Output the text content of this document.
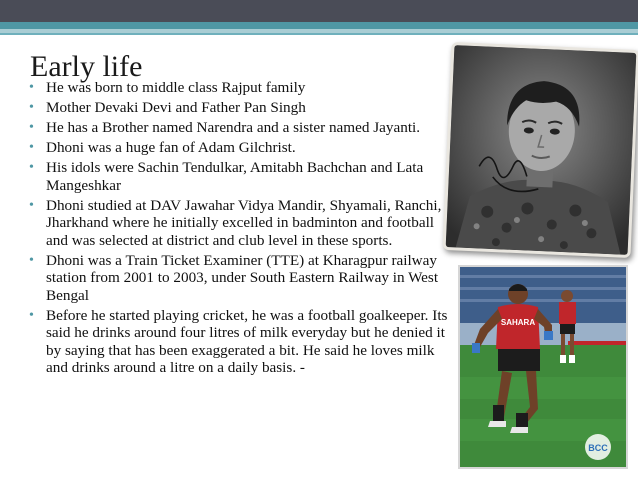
Early life
• He was born to middle class Rajput family
• Mother Devaki Devi and Father Pan Singh
• He has a Brother named Narendra and a sister named Jayanti.
• Dhoni was a huge fan of Adam Gilchrist.
• His idols were Sachin Tendulkar, Amitabh Bachchan and Lata Mangeshkar
• Dhoni studied at DAV Jawahar Vidya Mandir, Shyamali, Ranchi, Jharkhand where he initially excelled in badminton and football and was selected at district and club level in these sports.
• Dhoni was a Train Ticket Examiner (TTE) at Kharagpur railway station from 2001 to 2003, under South Eastern Railway in West Bengal
• Before he started playing cricket, he was a football goalkeeper. Its said he drinks around four litres of milk everyday but he denied it by saying that has been exaggerated a bit. He said he loves milk and drinks around a litre on a daily basis. -
SAHARA
BCC
